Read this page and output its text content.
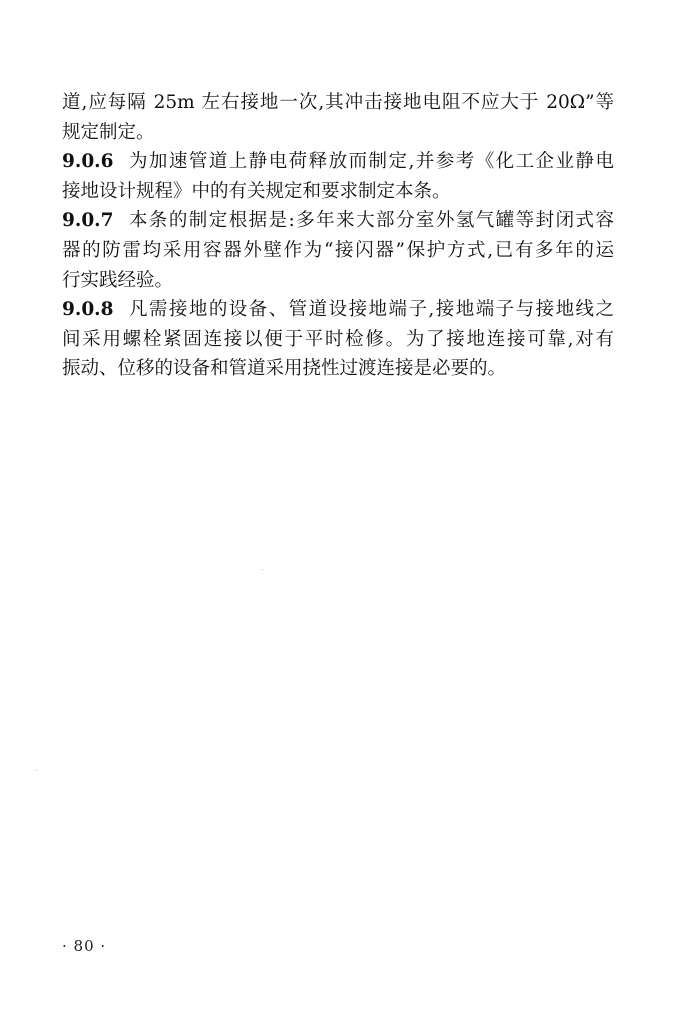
道,应每隔 25m 左右接地一次,其冲击接地电阻不应大于 20Ω”等
规定制定。
9.0.6 为加速管道上静电荷释放而制定,并参考《化工企业静电
接地设计规程》中的有关规定和要求制定本条。
9.0.7 本条的制定根据是:多年来大部分室外氢气罐等封闭式容
器的防雷均采用容器外壁作为“接闪器”保护方式,已有多年的运
行实践经验。
9.0.8 凡需接地的设备、管道设接地端子,接地端子与接地线之
间采用螺栓紧固连接以便于平时检修。为了接地连接可靠,对有
振动、位移的设备和管道采用挠性过渡连接是必要的。
· 80 ·
